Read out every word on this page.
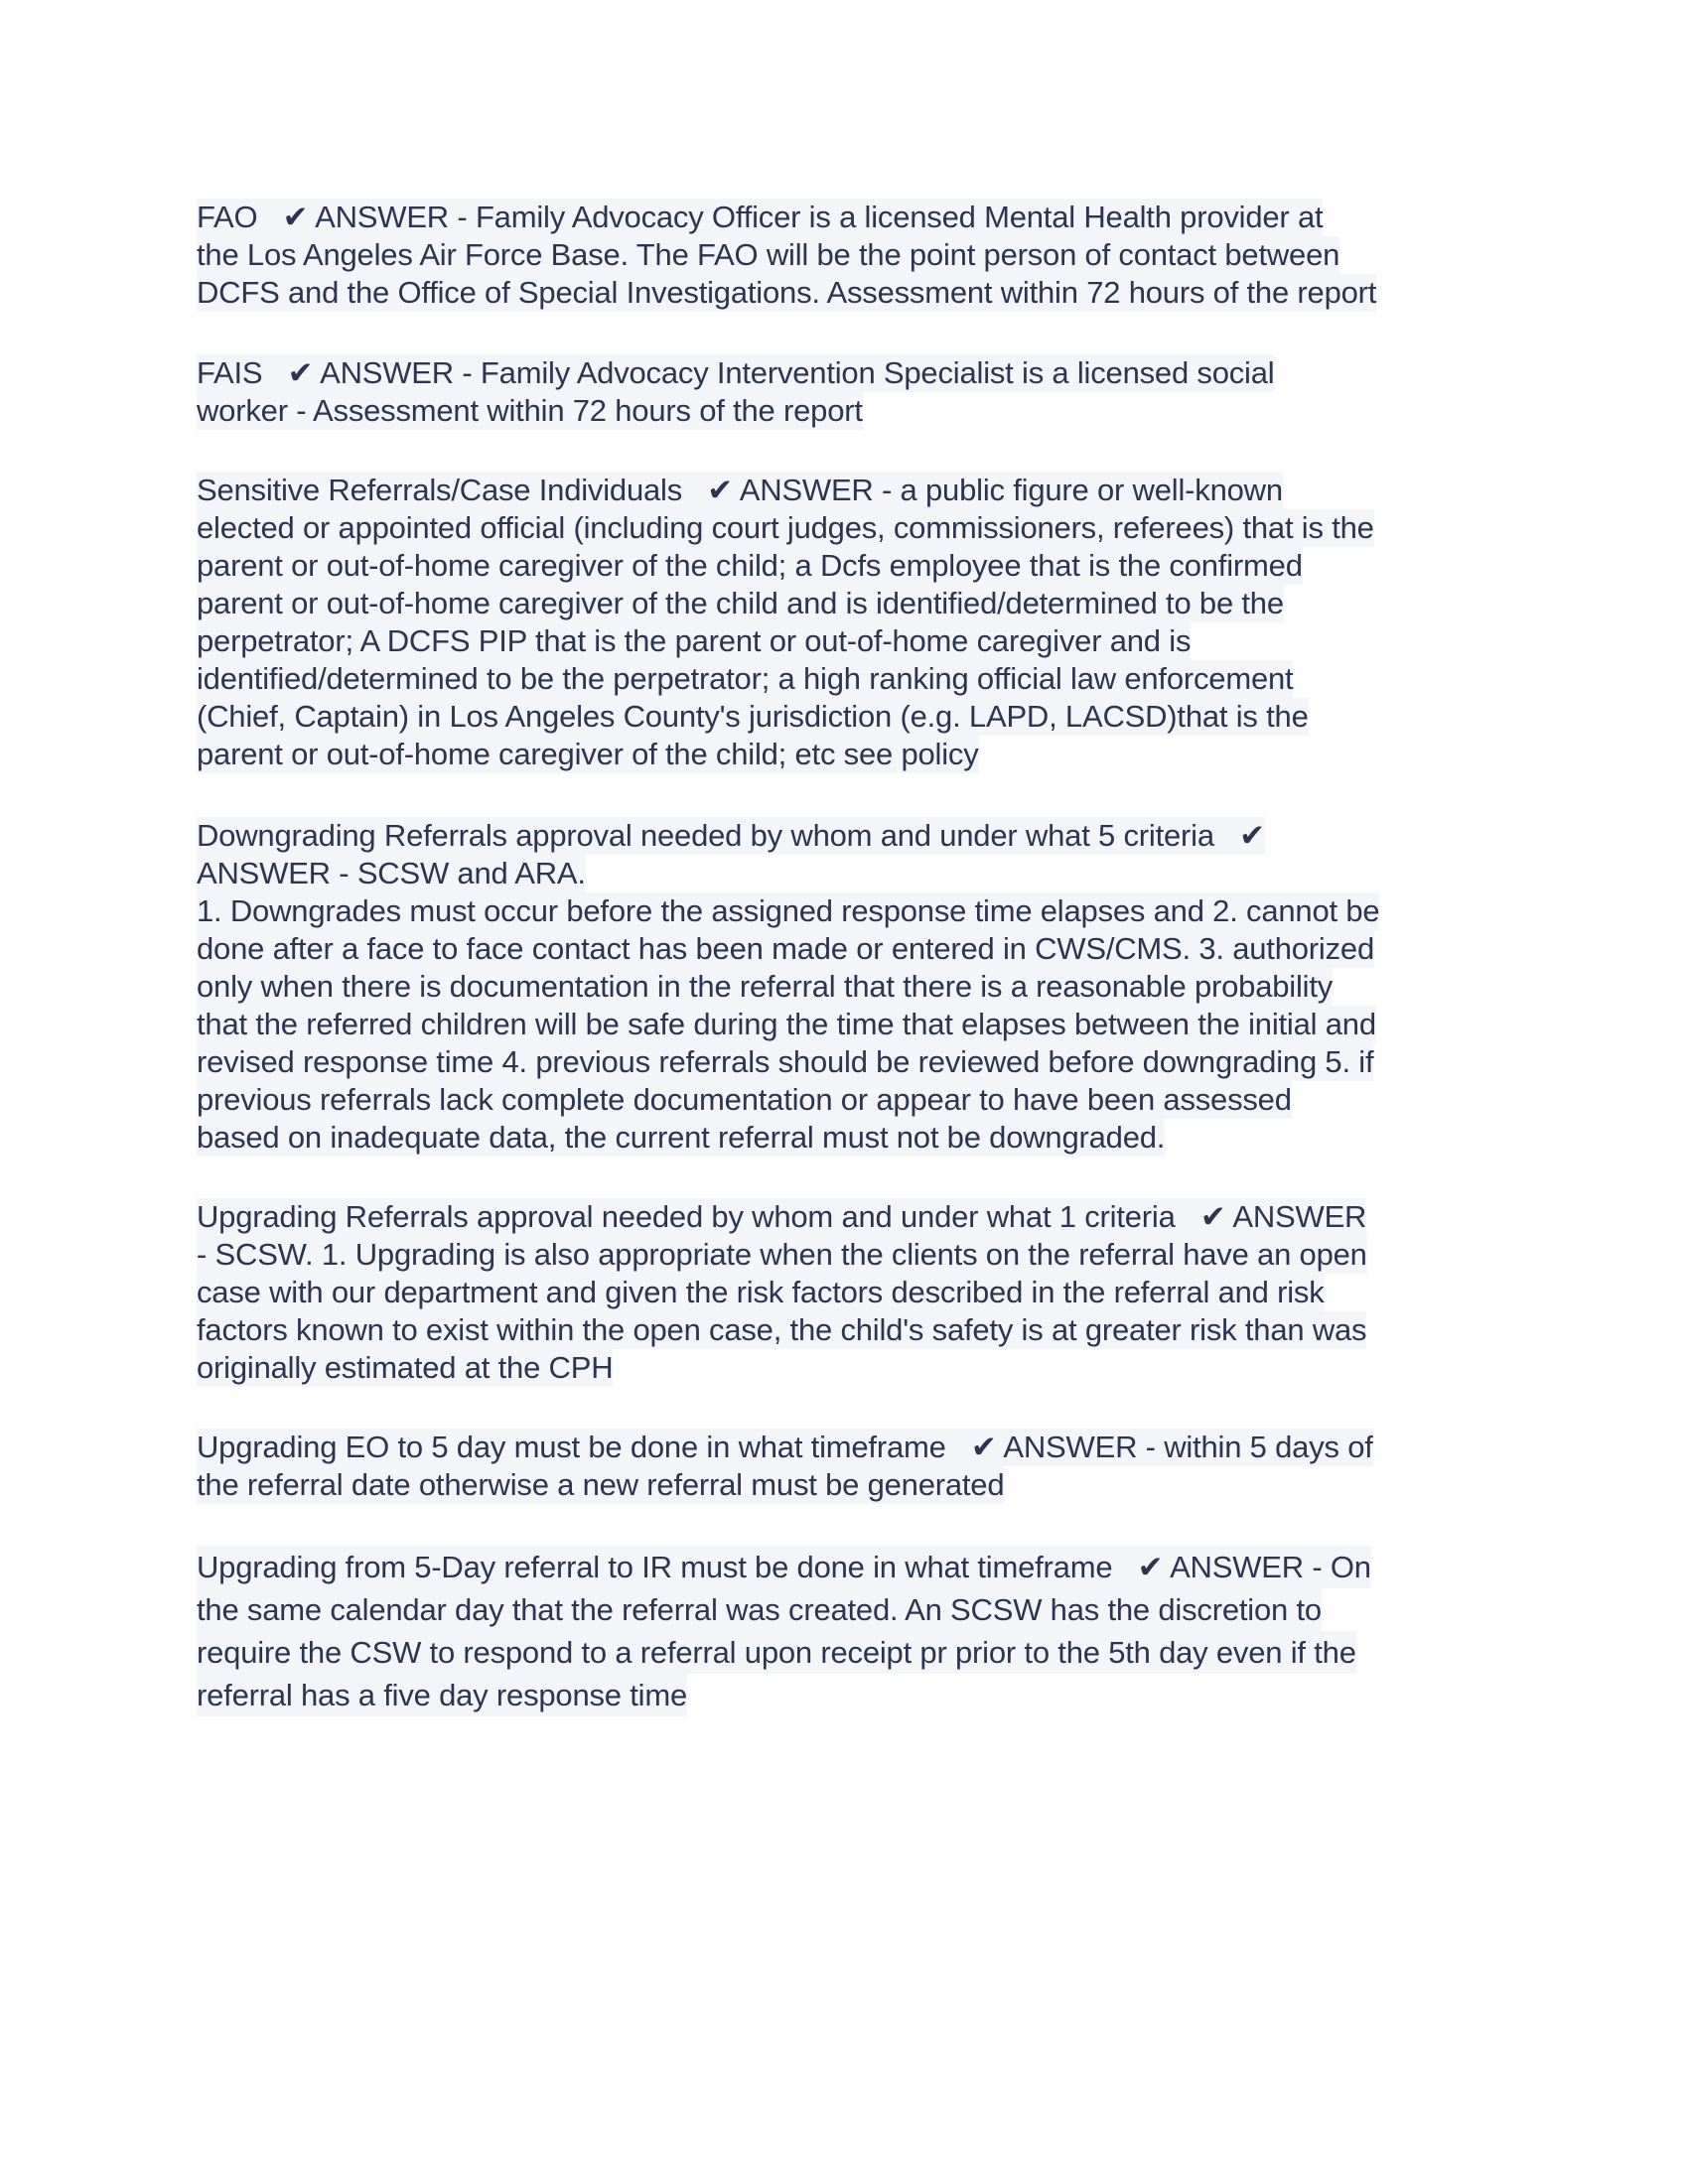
FAO   ✔ ANSWER - Family Advocacy Officer is a licensed Mental Health provider at
the Los Angeles Air Force Base. The FAO will be the point person of contact between
DCFS and the Office of Special Investigations. Assessment within 72 hours of the report
FAIS   ✔ ANSWER - Family Advocacy Intervention Specialist is a licensed social
worker - Assessment within 72 hours of the report
Sensitive Referrals/Case Individuals   ✔ ANSWER - a public figure or well-known
elected or appointed official (including court judges, commissioners, referees) that is the
parent or out-of-home caregiver of the child; a Dcfs employee that is the confirmed
parent or out-of-home caregiver of the child and is identified/determined to be the
perpetrator; A DCFS PIP that is the parent or out-of-home caregiver and is
identified/determined to be the perpetrator; a high ranking official law enforcement
(Chief, Captain) in Los Angeles County's jurisdiction (e.g. LAPD, LACSD)that is the
parent or out-of-home caregiver of the child; etc see policy
Downgrading Referrals approval needed by whom and under what 5 criteria   ✔
ANSWER - SCSW and ARA.
1. Downgrades must occur before the assigned response time elapses and 2. cannot be
done after a face to face contact has been made or entered in CWS/CMS. 3. authorized
only when there is documentation in the referral that there is a reasonable probability
that the referred children will be safe during the time that elapses between the initial and
revised response time 4. previous referrals should be reviewed before downgrading 5. if
previous referrals lack complete documentation or appear to have been assessed
based on inadequate data, the current referral must not be downgraded.
Upgrading Referrals approval needed by whom and under what 1 criteria   ✔ ANSWER
- SCSW. 1. Upgrading is also appropriate when the clients on the referral have an open
case with our department and given the risk factors described in the referral and risk
factors known to exist within the open case, the child's safety is at greater risk than was
originally estimated at the CPH
Upgrading EO to 5 day must be done in what timeframe   ✔ ANSWER - within 5 days of
the referral date otherwise a new referral must be generated
Upgrading from 5-Day referral to IR must be done in what timeframe   ✔ ANSWER - On
the same calendar day that the referral was created. An SCSW has the discretion to
require the CSW to respond to a referral upon receipt pr prior to the 5th day even if the
referral has a five day response time
